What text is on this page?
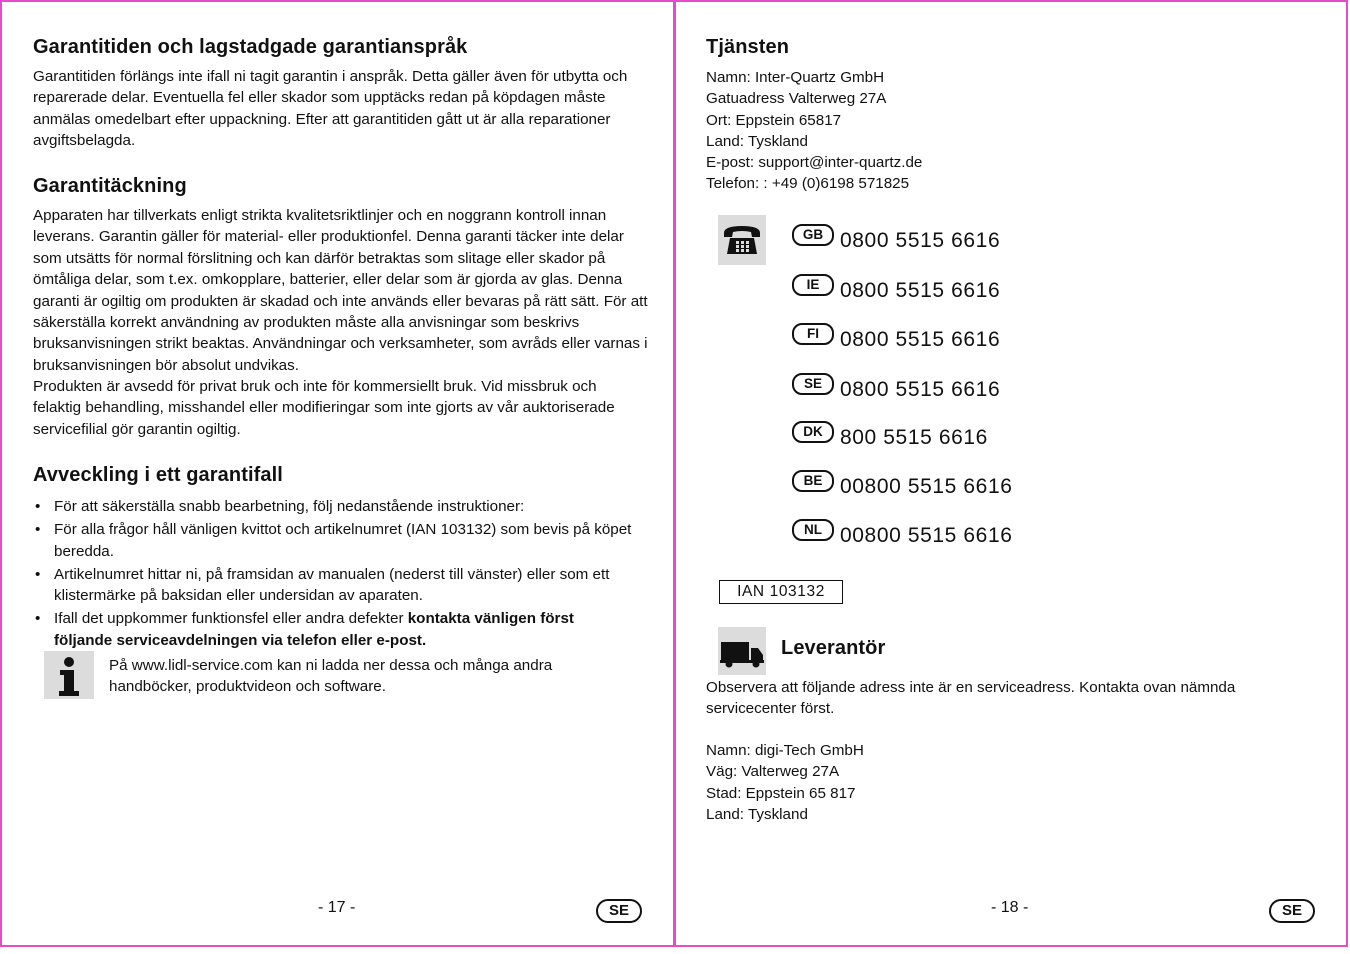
Garantitiden och lagstadgade garantianspråk

Garantitiden förlängs inte ifall ni tagit garantin i anspråk. Detta gäller även för utbytta och reparerade delar. Eventuella fel eller skador som upptäcks redan på köpdagen måste anmälas omedelbart efter uppackning. Efter att garantitiden gått ut är alla reparationer avgiftsbelagda.

Garantitäckning

Apparaten har tillverkats enligt strikta kvalitetsriktlinjer och en noggrann kontroll innan leverans. Garantin gäller för material- eller produktionfel. Denna garanti täcker inte delar som utsätts för normal förslitning och kan därför betraktas som slitage eller skador på ömtåliga delar, som t.ex. omkopplare, batterier, eller delar som är gjorda av glas. Denna garanti är ogiltig om produkten är skadad och inte används eller bevaras på rätt sätt. För att säkerställa korrekt användning av produkten måste alla anvisningar som beskrivs bruksanvisningen strikt beaktas. Användningar och verksamheter, som avråds eller varnas i bruksanvisningen bör absolut undvikas.

Produkten är avsedd för privat bruk och inte för kommersiellt bruk. Vid missbruk och felaktig behandling, misshandel eller modifieringar som inte gjorts av vår auktoriserade servicefilial gör garantin ogiltig.

Avveckling i ett garantifall
• För att säkerställa snabb bearbetning, följ nedanstående instruktioner:
• För alla frågor håll vänligen kvittot och artikelnumret (IAN 103132) som bevis på köpet beredda.
• Artikelnumret hittar ni, på framsidan av manualen (nederst till vänster) eller som ett klistermärke på baksidan eller undersidan av aparaten.
• Ifall det uppkommer funktionsfel eller andra defekter kontakta vänligen först följande serviceavdelningen via telefon eller e-post.

På www.lidl-service.com kan ni ladda ner dessa och många andra handböcker, produktvideon och software.

- 17 -	SE
Tjänsten
Namn: Inter-Quartz GmbH
Gatuadress Valterweg 27A
Ort: Eppstein 65817
Land: Tyskland
E-post: support@inter-quartz.de
Telefon: : +49 (0)6198 571825
GB 0800 5515 6616
IE 0800 5515 6616
FI	0800 5515 6616
SE 0800 5515 6616
DK 800 5515 6616
BE 00800 5515 6616
NL 00800 5515 6616
IAN 103132
Leverantör

Observera att följande adress inte är en serviceadress. Kontakta ovan nämnda servicecenter först.

Namn: digi-Tech GmbH
Väg: Valterweg 27A
Stad: Eppstein 65 817
Land: Tyskland
- 18 -	SE
